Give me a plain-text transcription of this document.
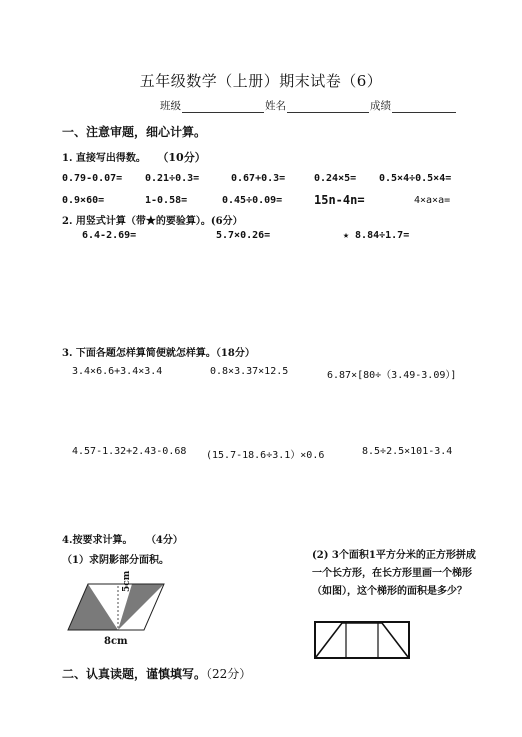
五年级数学（上册）期末试卷（6）
班级	姓名	成绩
一、注意审题，细心计算。
1. 直接写出得数。 （10分）
0.79-0.07= 0.21÷0.3=	0.67+0.3=	0.24×5= 0.5×4÷0.5×4=
0.9×60=	1-0.58=	0.45÷0.09=	15n-4n=	4×a×a=
2. 用竖式计算（带★的要验算）。(6分）
6.4-2.69=	5.7×0.26=	★ 8.84÷1.7=
3. 下面各题怎样算简便就怎样算。（18分）
3.4×6.6+3.4×3.4	0.8×3.37×12.5	6.87×[80÷（3.49-3.09）]
4.57-1.32+2.43-0.68 (15.7-18.6÷3.1）×0.6	8.5÷2.5×101-3.4
4.按要求计算。 （4分）
（1）求阴影部分面积。	(2) 3个面积1平方分米的正方形拼成一个长方形，在长方形里画一个梯形（如图），这个梯形的面积是多少？
5cm
8cm
二、认真读题，谨慎填写。（22分）
